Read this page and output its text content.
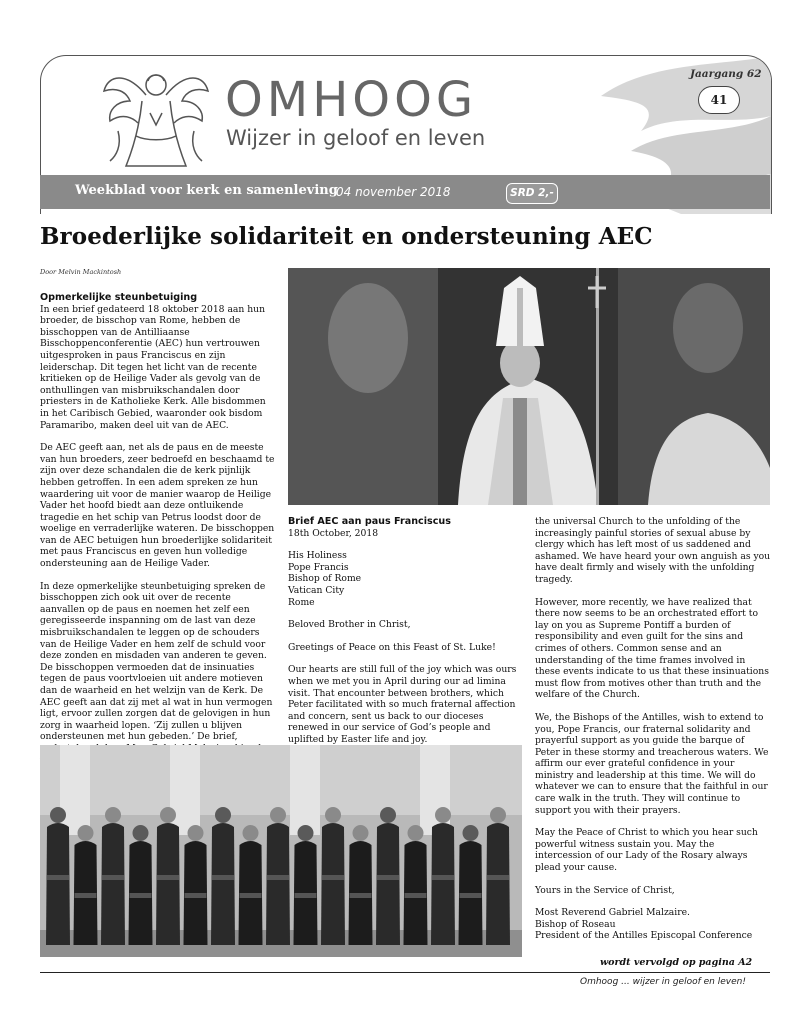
OMHOOG
Wijzer in geloof en leven
Jaargang 62
41
Weekblad voor kerk en samenleving
04 november 2018	SRD 2,-
Broederlijke solidariteit en ondersteuning AEC
Door Melvin Mackintosh
Opmerkelijke steunbetuiging

In een brief gedateerd 18 oktober 2018 aan hun broeder, de bisschop van Rome, hebben de bisschoppen van de Antilliaanse Bisschoppenconferentie (AEC) hun vertrouwen uitgesproken in paus Franciscus en zijn leiderschap. Dit tegen het licht van de recente kritieken op de Heilige Vader als gevolg van de onthullingen van misbruikschandalen door priesters in de Katholieke Kerk. Alle bisdommen in het Caribisch Gebied, waaronder ook bisdom Paramaribo, maken deel uit van de AEC.

De AEC geeft aan, net als de paus en de meeste van hun broeders, zeer bedroefd en beschaamd te zijn over deze schandalen die de kerk pijnlijk hebben getroffen. In een adem spreken ze hun waardering uit voor de manier waarop de Heilige Vader het hoofd biedt aan deze ontluikende tragedie en het schip van Petrus loodst door de woelige en verraderlijke wateren. De bisschoppen van de AEC betuigen hun broederlijke solidariteit met paus Franciscus en geven hun volledige ondersteuning aan de Heilige Vader.

In deze opmerkelijke steunbetuiging spreken de bisschoppen zich ook uit over de recente aanvallen op de paus en noemen het zelf een geregisseerde inspanning om de last van deze misbruikschandalen te leggen op de schouders van de Heilige Vader en hem zelf de schuld voor deze zonden en misdaden van anderen te geven. De bisschoppen vermoeden dat de insinuaties tegen de paus voortvloeien uit andere motieven dan de waarheid en het welzijn van de Kerk. De AEC geeft aan dat zij met al wat in hun vermogen ligt, ervoor zullen zorgen dat de gelovigen in hun zorg in waarheid lopen. ‘Zij zullen u blijven ondersteunen met hun gebeden.’ De brief,

Brief AEC aan paus Franciscus

18th October, 2018

His Holiness
Pope Francis
Bishop of Rome
Vatican City
Rome

Beloved Brother in Christ,

Greetings of Peace on this Feast of St. Luke!

Our hearts are still full of the joy which was ours when we met you in April during our ad limina visit. That encounter between brothers, which Peter facilitated with so much fraternal affection and concern, sent us back to our dioceses renewed in our service of God’s people and uplifted by Easter life and joy.

the universal Church to the unfolding of the increasingly painful stories of sexual abuse by clergy which has left most of us saddened and ashamed. We have heard your own anguish as you have dealt firmly and wisely with the unfolding tragedy.

However, more recently, we have realized that there now seems to be an orchestrated effort to lay on you as Supreme Pontiff a burden of responsibility and even guilt for the sins and crimes of others. Common sense and an understanding of the time frames involved in these events indicate to us that these insinuations must flow from motives other than truth and the welfare of the Church.

We, the Bishops of the Antilles, wish to extend to you, Pope Francis, our fraternal solidarity and prayerful support as you guide the barque of Peter in these stormy and treacherous waters. We affirm our ever grateful confidence in your ministry and leadership at this time. We will do whatever we can to ensure that the faithful in our care walk in the truth. They will continue to support you with their prayers.

May the Peace of Christ to which you hear such powerful witness sustain you. May the intercession of our Lady of the Rosary always plead your cause.

Yours in the Service of Christ,

Most Reverend Gabriel Malzaire.
Bishop of Roseau
President of the Antilles Episcopal Conference

wordt vervolgd op pagina A2
Omhoog ... wijzer in geloof en leven!
